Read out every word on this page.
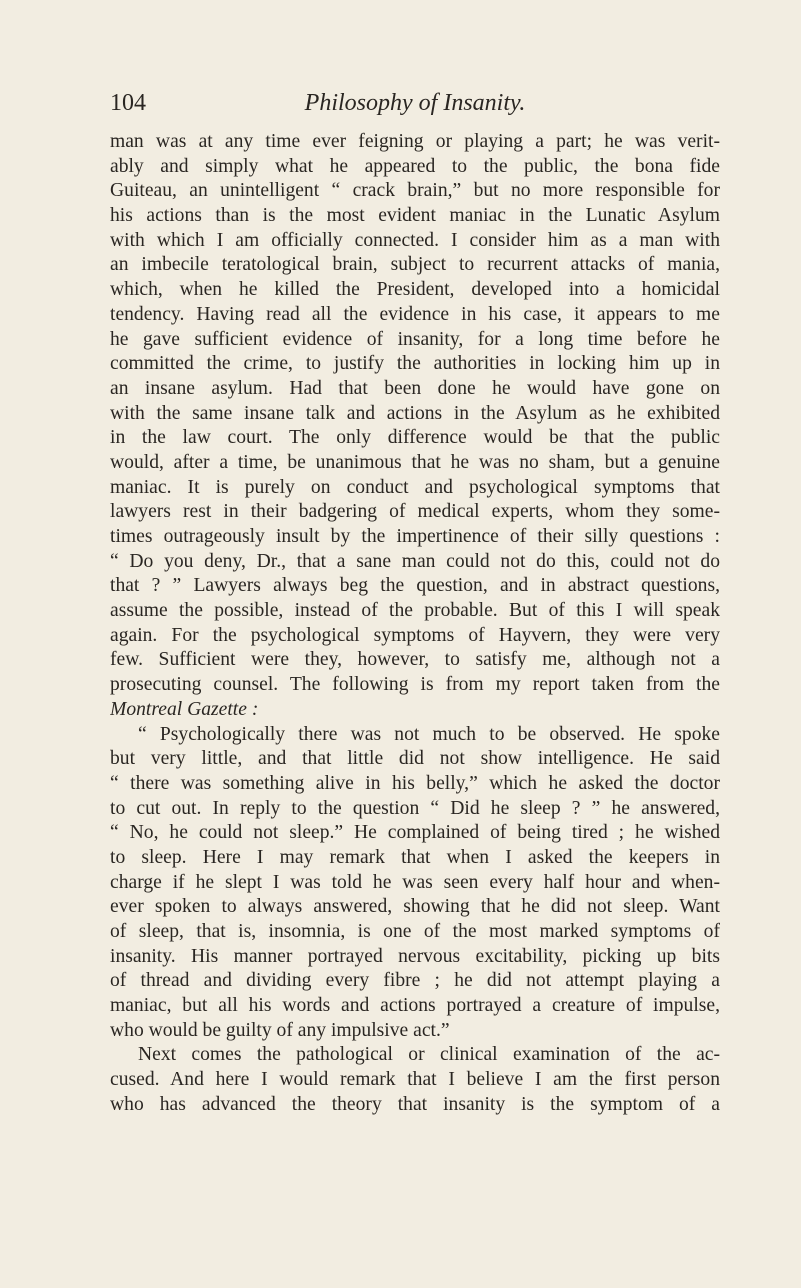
104	Philosophy of Insanity.
man was at any time ever feigning or playing a part; he was verit-
ably and simply what he appeared to the public, the bona fide
Guiteau, an unintelligent “ crack brain,” but no more responsible for
his actions than is the most evident maniac in the Lunatic Asylum
with which I am officially connected. I consider him as a man with
an imbecile teratological brain, subject to recurrent attacks of mania,
which, when he killed the President, developed into a homicidal
tendency. Having read all the evidence in his case, it appears to me
he gave sufficient evidence of insanity, for a long time before he
committed the crime, to justify the authorities in locking him up in
an insane asylum. Had that been done he would have gone on
with the same insane talk and actions in the Asylum as he exhibited
in the law court. The only difference would be that the public
would, after a time, be unanimous that he was no sham, but a genuine
maniac. It is purely on conduct and psychological symptoms that
lawyers rest in their badgering of medical experts, whom they some-
times outrageously insult by the impertinence of their silly questions :
“ Do you deny, Dr., that a sane man could not do this, could not do
that ? ” Lawyers always beg the question, and in abstract questions,
assume the possible, instead of the probable. But of this I will speak
again. For the psychological symptoms of Hayvern, they were very
few. Sufficient were they, however, to satisfy me, although not a
prosecuting counsel. The following is from my report taken from the
Montreal Gazette :
“ Psychologically there was not much to be observed. He spoke
but very little, and that little did not show intelligence. He said
“ there was something alive in his belly,” which he asked the doctor
to cut out. In reply to the question “ Did he sleep ? ” he answered,
“ No, he could not sleep.” He complained of being tired ; he wished
to sleep. Here I may remark that when I asked the keepers in
charge if he slept I was told he was seen every half hour and when-
ever spoken to always answered, showing that he did not sleep. Want
of sleep, that is, insomnia, is one of the most marked symptoms of
insanity. His manner portrayed nervous excitability, picking up bits
of thread and dividing every fibre ; he did not attempt playing a
maniac, but all his words and actions portrayed a creature of impulse,
who would be guilty of any impulsive act.”
Next comes the pathological or clinical examination of the ac-
cused. And here I would remark that I believe I am the first person
who has advanced the theory that insanity is the symptom of a
